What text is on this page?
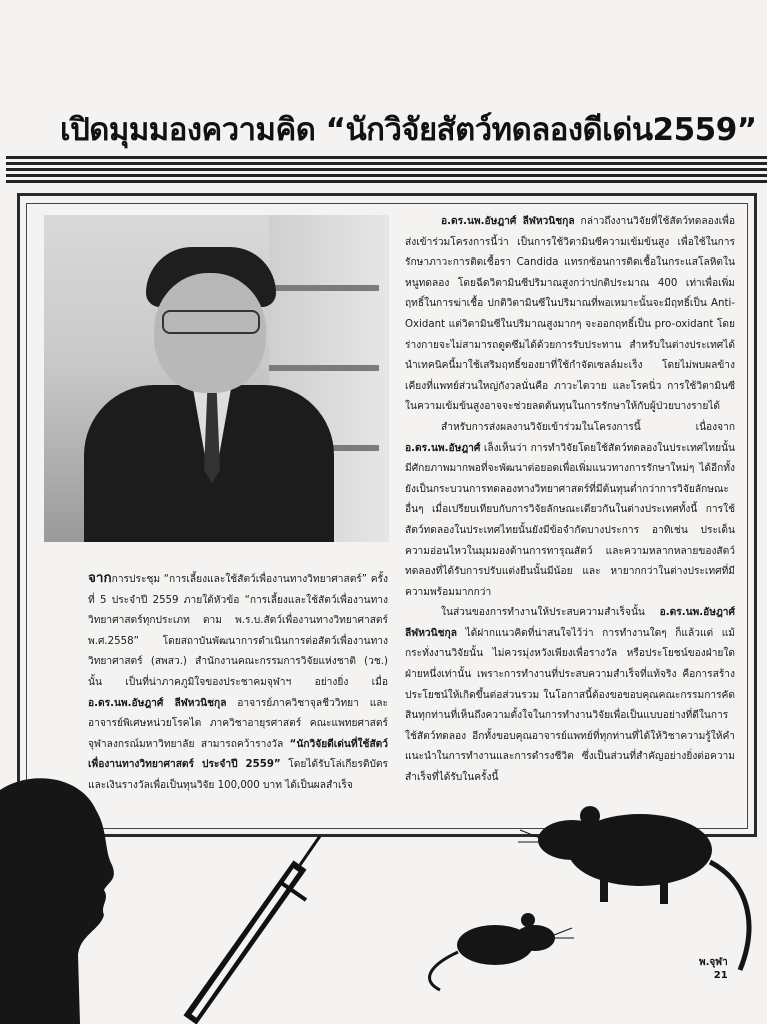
เปิดมุมมองความคิด “นักวิจัยสัตว์ทดลองดีเด่น2559”
จากการประชุม “การเลี้ยงและใช้สัตว์เพื่องานทางวิทยาศาสตร์” ครั้งที่ 5 ประจำปี 2559 ภายใต้หัวข้อ “การเลี้ยงและใช้สัตว์เพื่องานทางวิทยาศาสตร์ทุกประเภท ตาม พ.ร.บ.สัตว์เพื่องานทางวิทยาศาสตร์ พ.ศ.2558” โดยสถาบันพัฒนาการดำเนินการต่อสัตว์เพื่องานทางวิทยาศาสตร์ (สพสว.) สำนักงานคณะกรรมการวิจัยแห่งชาติ (วช.) นั้น เป็นที่น่าภาคภูมิใจของประชาคมจุฬาฯ อย่างยิ่ง เมื่อ อ.ดร.นพ.อัษฎาศ์ ลีฬหวนิชกุล อาจารย์ภาควิชาจุลชีววิทยา และอาจารย์พิเศษหน่วยโรคไต ภาควิชาอายุรศาสตร์ คณะแพทยศาสตร์ จุฬาลงกรณ์มหาวิทยาลัย สามารถคว้ารางวัล “นักวิจัยดีเด่นที่ใช้สัตว์เพื่องานทางวิทยาศาสตร์ ประจำปี 2559” โดยได้รับโล่เกียรติบัตร และเงินรางวัลเพื่อเป็นทุนวิจัย 100,000 บาท ได้เป็นผลสำเร็จ

อ.ดร.นพ.อัษฎาศ์ ลีฬหวนิชกุล กล่าวถึงงานวิจัยที่ใช้สัตว์ทดลองเพื่อส่งเข้าร่วมโครงการนี้ว่า เป็นการใช้วิตามินซีความเข้มข้นสูง เพื่อใช้ในการรักษาภาวะการติดเชื้อรา Candida แทรกซ้อนการติดเชื้อในกระแสโลหิตในหนูทดลอง โดยฉีดวิตามินซีปริมาณสูงกว่าปกติประมาณ 400 เท่าเพื่อเพิ่มฤทธิ์ในการฆ่าเชื้อ ปกติวิตามินซีในปริมาณที่พอเหมาะนั้นจะมีฤทธิ์เป็น Anti-Oxidant แต่วิตามินซีในปริมาณสูงมากๆ จะออกฤทธิ์เป็น pro-oxidant โดยร่างกายจะไม่สามารถดูดซึมได้ด้วยการรับประทาน สำหรับในต่างประเทศได้นำเทคนิคนี้มาใช้เสริมฤทธิ์ของยาที่ใช้กำจัดเซลล์มะเร็ง โดยไม่พบผลข้างเคียงที่แพทย์ส่วนใหญ่กังวลนั่นคือ ภาวะไตวาย และโรคนิ่ว การใช้วิตามินซีในความเข้มข้นสูงอาจจะช่วยลดต้นทุนในการรักษาให้กับผู้ป่วยบางรายได้

สำหรับการส่งผลงานวิจัยเข้าร่วมในโครงการนี้ เนื่องจาก อ.ดร.นพ.อัษฎาศ์ เล็งเห็นว่า การทำวิจัยโดยใช้สัตว์ทดลองในประเทศไทยนั้น มีศักยภาพมากพอที่จะพัฒนาต่อยอดเพื่อเพิ่มแนวทางการรักษาใหม่ๆ ได้อีกทั้งยังเป็นกระบวนการทดลองทางวิทยาศาสตร์ที่มีต้นทุนต่ำกว่าการวิจัยลักษณะอื่นๆ เมื่อเปรียบเทียบกับการวิจัยลักษณะเดียวกันในต่างประเทศทั้งนี้ การใช้สัตว์ทดลองในประเทศไทยนั้นยังมีข้อจำกัดบางประการ อาทิเช่น ประเด็นความอ่อนไหวในมุมมองด้านการทารุณสัตว์ และความหลากหลายของสัตว์ทดลองที่ได้รับการปรับแต่งยีนนั้นมีน้อย และ หายากกว่าในต่างประเทศที่มีความพร้อมมากกว่า

ในส่วนของการทำงานให้ประสบความสำเร็จนั้น อ.ดร.นพ.อัษฎาศ์ ลีฬหวนิชกุล ได้ฝากแนวคิดที่น่าสนใจไว้ว่า การทำงานใดๆ ก็แล้วแต่ แม้กระทั่งงานวิจัยนั้น ไม่ควรมุ่งหวังเพียงเพื่อรางวัล หรือประโยชน์ของฝ่ายใดฝ่ายหนึ่งเท่านั้น เพราะการทำงานที่ประสบความสำเร็จที่แท้จริง คือการสร้างประโยชน์ให้เกิดขึ้นต่อส่วนรวม ในโอกาสนี้ต้องขอขอบคุณคณะกรรมการคัดสินทุกท่านที่เห็นถึงความตั้งใจในการทำงานวิจัยเพื่อเป็นแบบอย่างที่ดีในการใช้สัตว์ทดลอง อีกทั้งขอบคุณอาจารย์แพทย์ที่ทุกท่านที่ได้ให้วิชาความรู้ให้คำแนะนำในการทำงานและการดำรงชีวิต ซึ่งเป็นส่วนที่สำคัญอย่างยิ่งต่อความสำเร็จที่ได้รับในครั้งนี้

พ.จุฬา
21
